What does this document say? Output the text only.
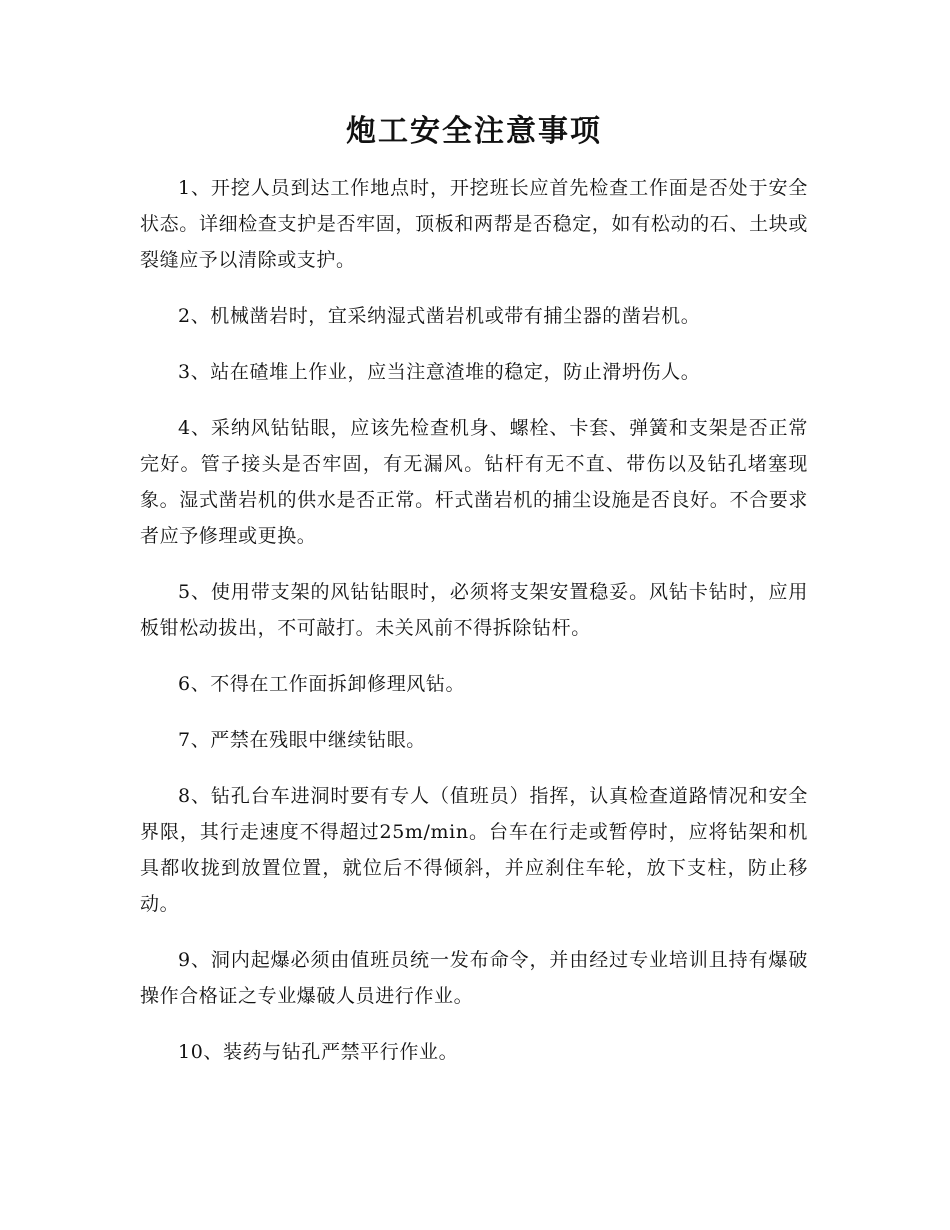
炮工安全注意事项

1、开挖人员到达工作地点时，开挖班长应首先检查工作面是否处于安全状态。详细检查支护是否牢固，顶板和两帮是否稳定，如有松动的石、土块或裂缝应予以清除或支护。

2、机械凿岩时，宜采纳湿式凿岩机或带有捕尘器的凿岩机。

3、站在碴堆上作业，应当注意渣堆的稳定，防止滑坍伤人。

4、采纳风钻钻眼，应该先检查机身、螺栓、卡套、弹簧和支架是否正常完好。管子接头是否牢固，有无漏风。钻杆有无不直、带伤以及钻孔堵塞现象。湿式凿岩机的供水是否正常。杆式凿岩机的捕尘设施是否良好。不合要求者应予修理或更换。

5、使用带支架的风钻钻眼时，必须将支架安置稳妥。风钻卡钻时，应用板钳松动拔出，不可敲打。未关风前不得拆除钻杆。

6、不得在工作面拆卸修理风钻。

7、严禁在残眼中继续钻眼。

8、钻孔台车进洞时要有专人（值班员）指挥，认真检查道路情况和安全界限，其行走速度不得超过25m/min。台车在行走或暂停时，应将钻架和机具都收拢到放置位置，就位后不得倾斜，并应刹住车轮，放下支柱，防止移动。

9、洞内起爆必须由值班员统一发布命令，并由经过专业培训且持有爆破操作合格证之专业爆破人员进行作业。

10、装药与钻孔严禁平行作业。
